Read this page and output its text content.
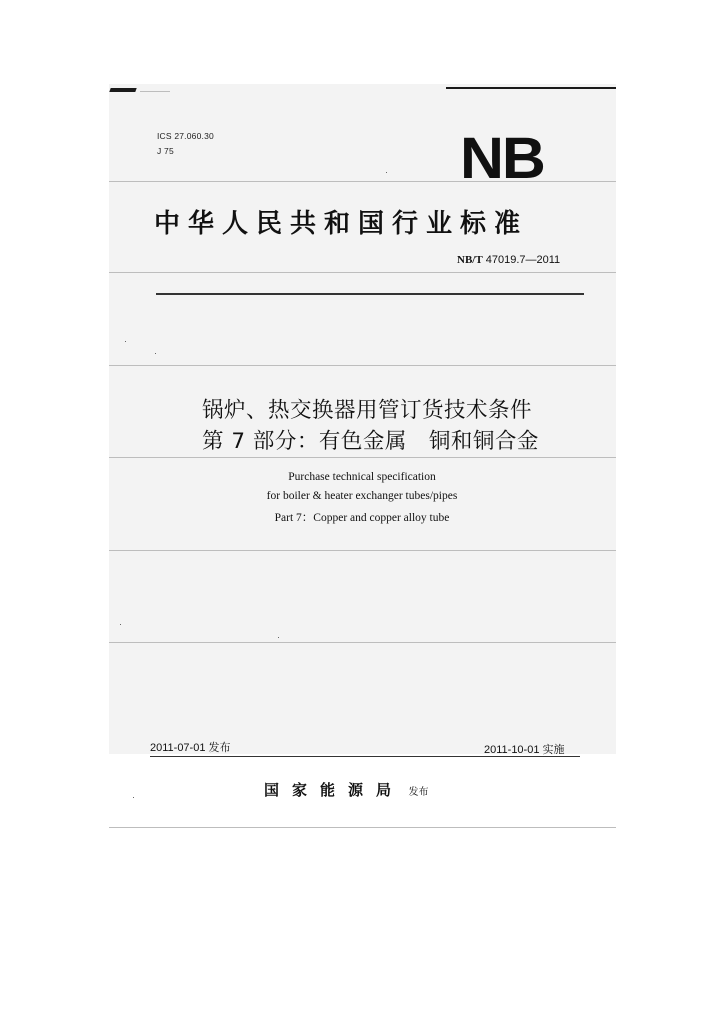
ICS 27.060.30
J 75	NB
中华人民共和国行业标准
NB/T 47019.7—2011
锅炉、热交换器用管订货技术条件
第 7 部分：有色金属　铜和铜合金
Purchase technical specification
for boiler & heater exchanger tubes/pipes
Part 7：Copper and copper alloy tube
2011-07-01 发布	2011-10-01 实施
国家能源局 发布
